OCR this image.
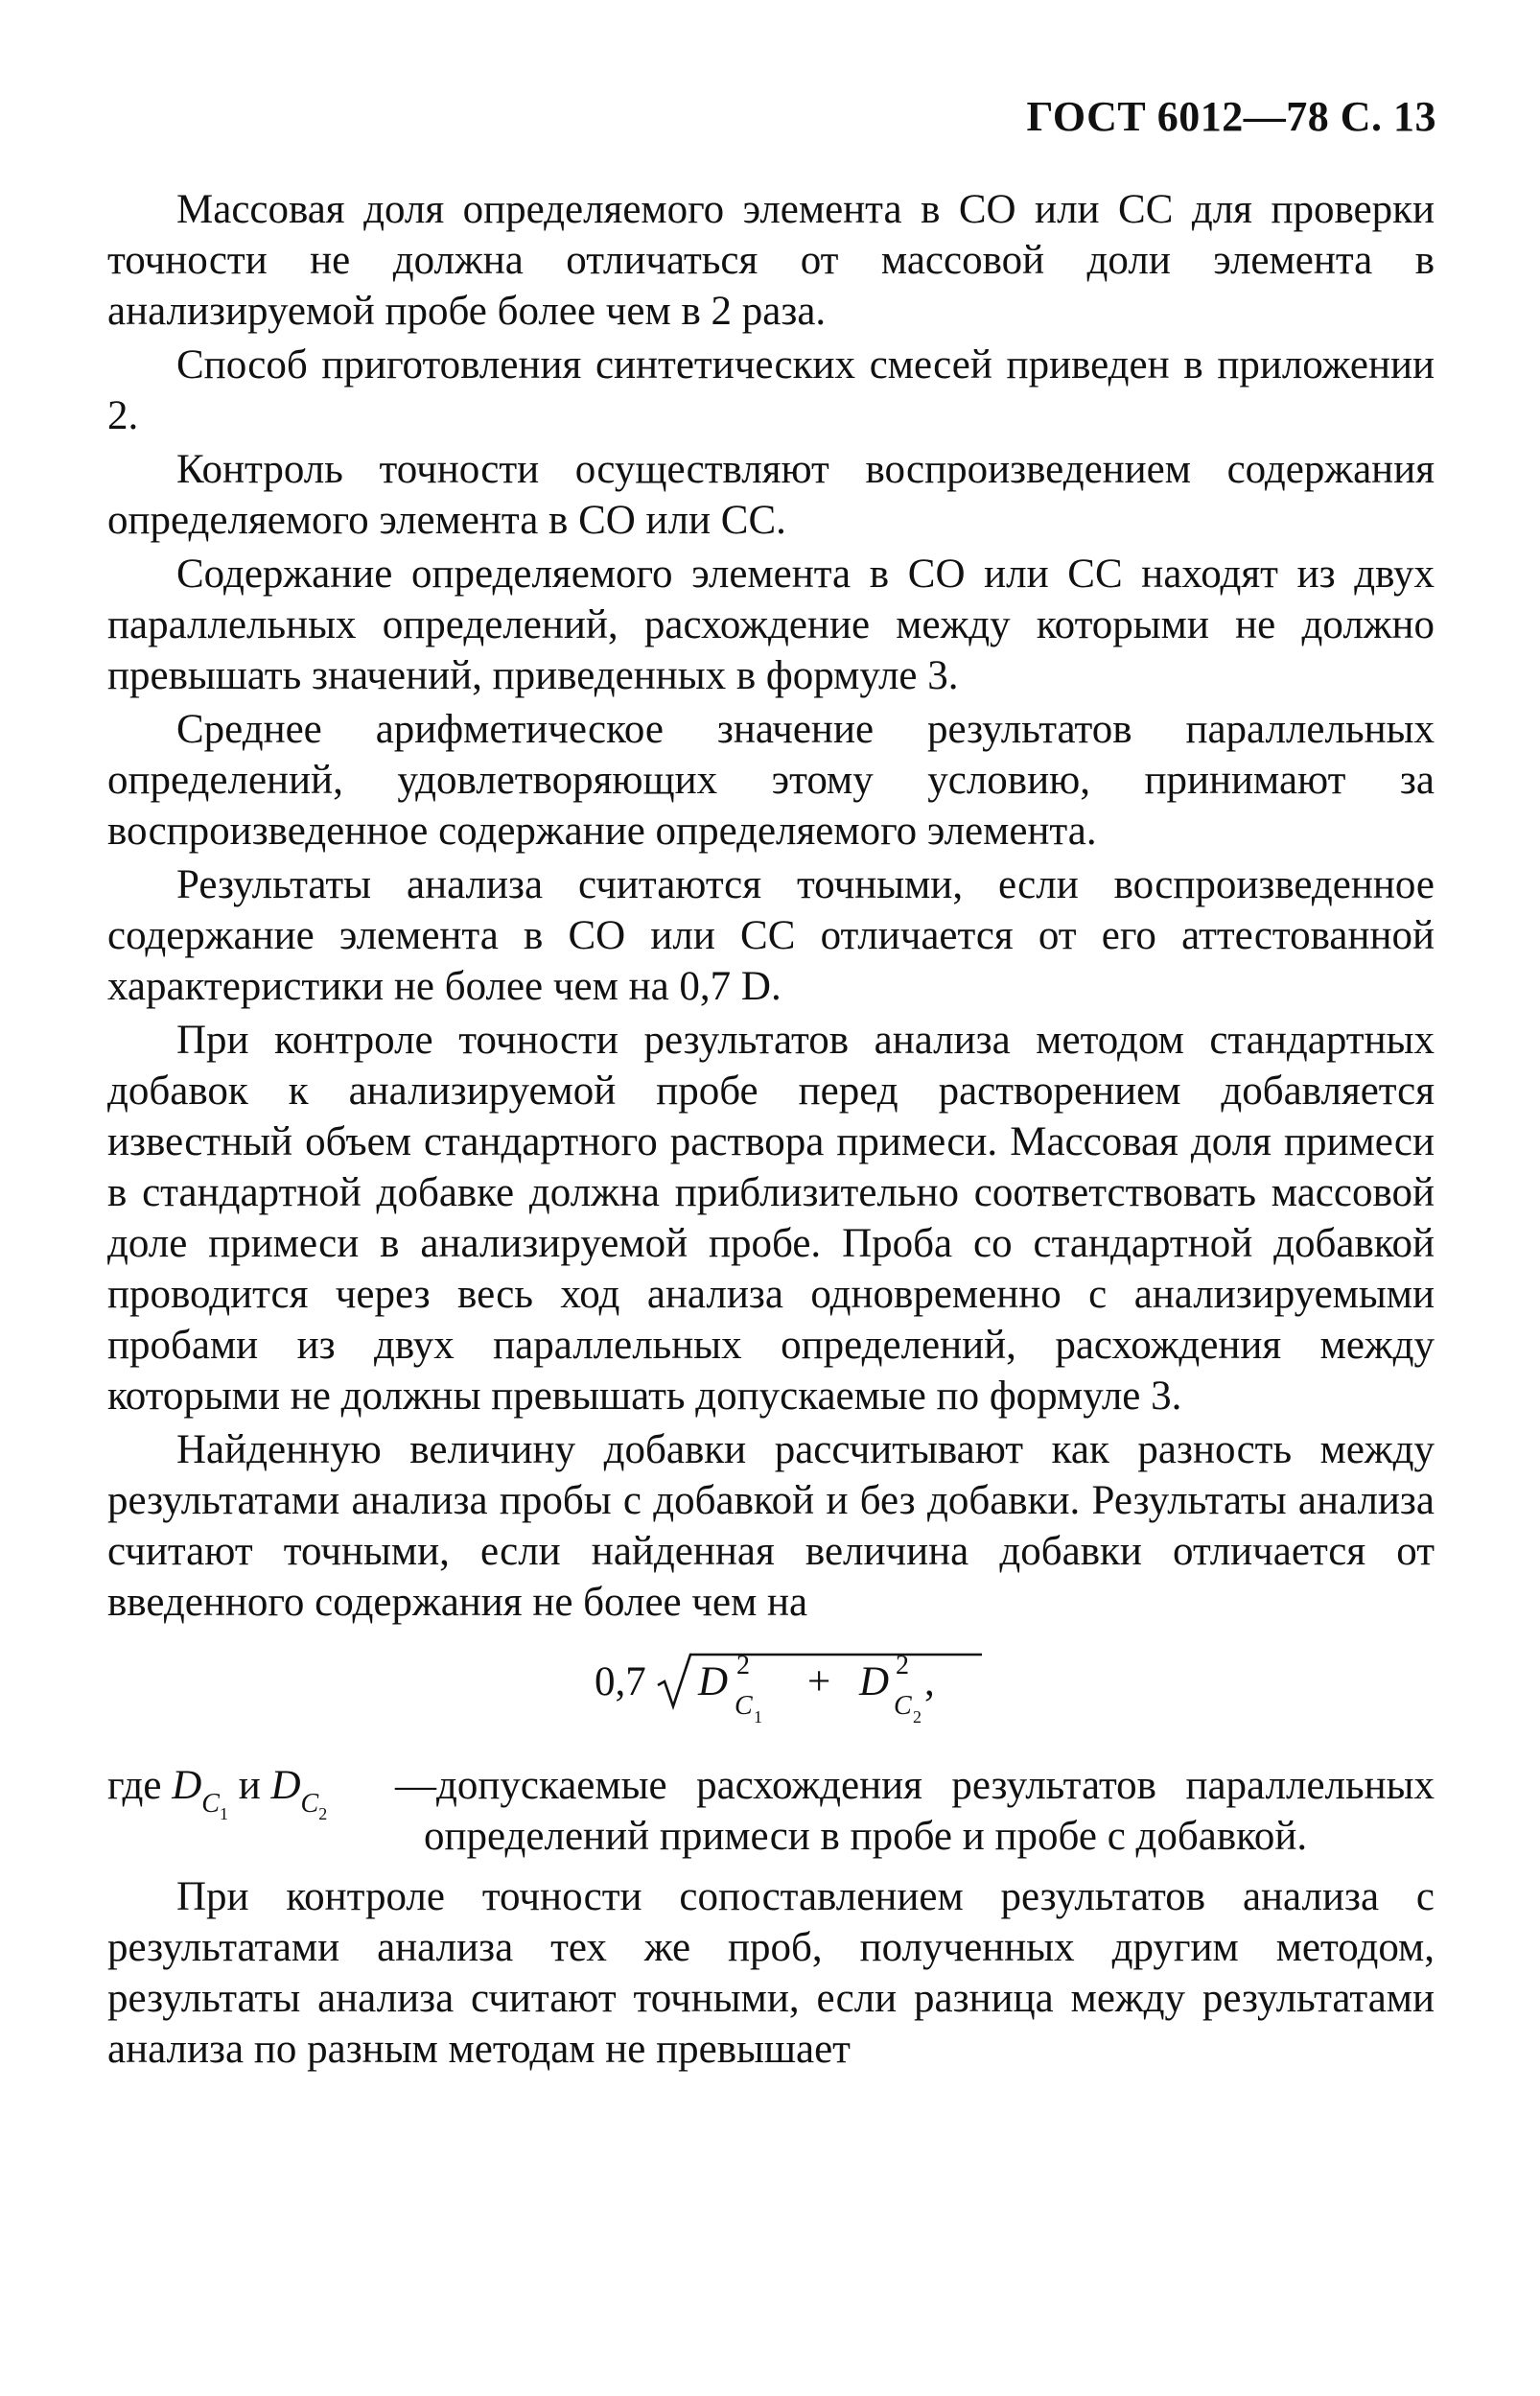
ГОСТ 6012—78 С. 13

Массовая доля определяемого элемента в СО или СС для проверки точности не должна отличаться от массовой доли элемента в анализируемой пробе более чем в 2 раза.

Способ приготовления синтетических смесей приведен в приложении 2.

Контроль точности осуществляют воспроизведением содержания определяемого элемента в СО или СС.

Содержание определяемого элемента в СО или СС находят из двух параллельных определений, расхождение между которыми не должно превышать значений, приведенных в формуле 3.

Среднее арифметическое значение результатов параллельных определений, удовлетворяющих этому условию, принимают за воспроизведенное содержание определяемого элемента.

Результаты анализа считаются точными, если воспроизведенное содержание элемента в СО или СС отличается от его аттестованной характеристики не более чем на 0,7 D.

При контроле точности результатов анализа методом стандартных добавок к анализируемой пробе перед растворением добавляется известный объем стандартного раствора примеси. Массовая доля примеси в стандартной добавке должна приблизительно соответствовать массовой доле примеси в анализируемой пробе. Проба со стандартной добавкой проводится через весь ход анализа одновременно с анализируемыми пробами из двух параллельных определений, расхождения между которыми не должны превышать допускаемые по формуле 3.

Найденную величину добавки рассчитывают как разность между результатами анализа пробы с добавкой и без добавки. Результаты анализа считают точными, если найденная величина добавки отличается от введенного содержания не более чем на

0,7 D 2
C 1
+ D 2
C 2
,
где $D_{C1}$ и $D_{C2}$
—допускаемые расхождения результатов параллельных определений примеси в пробе и пробе с добавкой.

При контроле точности сопоставлением результатов анализа с результатами анализа тех же проб, полученных другим методом, результаты анализа считают точными, если разница между результатами анализа по разным методам не превышает
